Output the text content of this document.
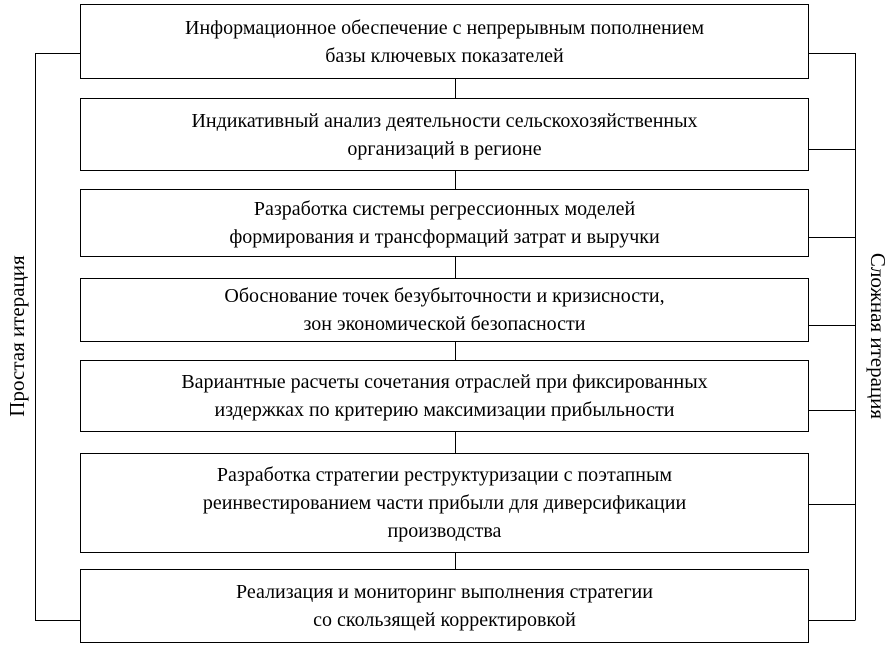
Информационное обеспечение с непрерывным пополнением
базы ключевых показателей
Индикативный анализ деятельности сельскохозяйственных
организаций в регионе
Разработка системы регрессионных моделей
формирования и трансформаций затрат и выручки
Обоснование точек безубыточности и кризисности,
зон экономической безопасности
Вариантные расчеты сочетания отраслей при фиксированных
издержках по критерию максимизации прибыльности
Разработка стратегии реструктуризации с поэтапным
реинвестированием части прибыли для диверсификации
производства
Реализация и мониторинг выполнения стратегии
со скользящей корректировкой
Простая итерация	Сложная итерация
